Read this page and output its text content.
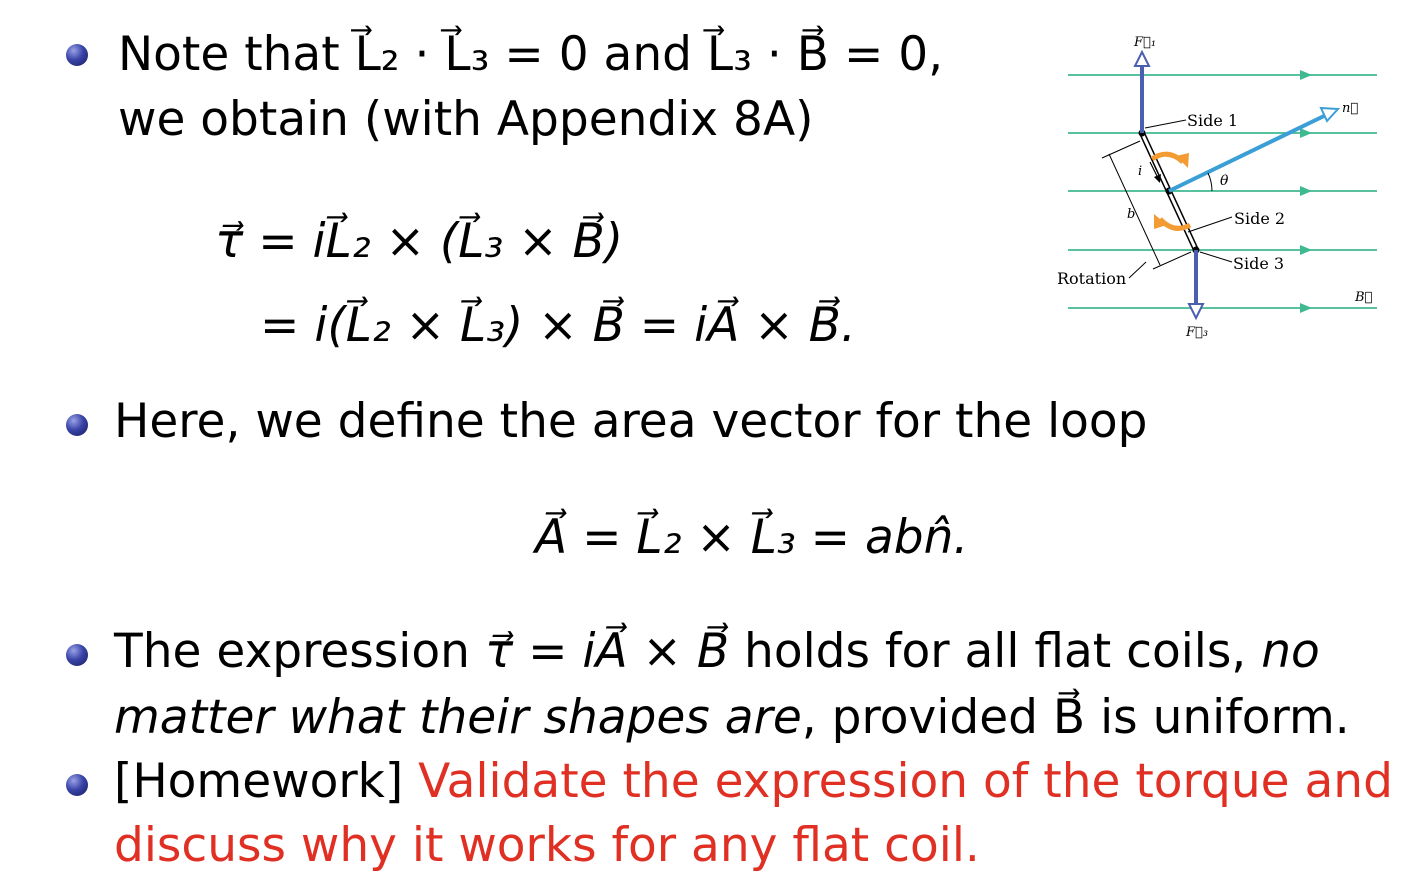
Note that L⃗₂ · L⃗₃ = 0 and L⃗₃ · B⃗ = 0,
we obtain (with Appendix 8A)
τ⃗ = iL⃗₂ × (L⃗₃ × B⃗)
= i(L⃗₂ × L⃗₃) × B⃗ = iA⃗ × B⃗.
Here, we define the area vector for the loop
A⃗ = L⃗₂ × L⃗₃ = abn̂.
The expression τ⃗ = iA⃗ × B⃗ holds for all flat coils, no
matter what their shapes are, provided B⃗ is uniform.
[Homework] Validate the expression of the torque and
discuss why it works for any flat coil.
F⃗₁
F⃗₃
n⃗
θ
i
b
Side 1
Side 2
Side 3
Rotation
B⃗
